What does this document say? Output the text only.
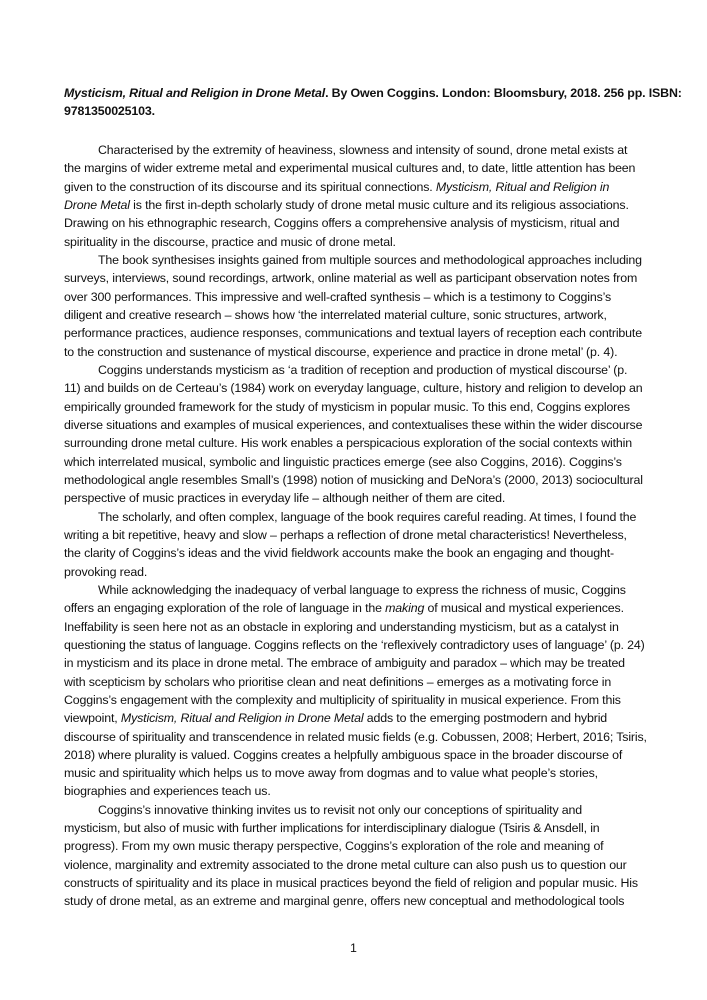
Mysticism, Ritual and Religion in Drone Metal. By Owen Coggins. London: Bloomsbury, 2018. 256 pp. ISBN:
9781350025103.
Characterised by the extremity of heaviness, slowness and intensity of sound, drone metal exists at
the margins of wider extreme metal and experimental musical cultures and, to date, little attention has been
given to the construction of its discourse and its spiritual connections. Mysticism, Ritual and Religion in
Drone Metal is the first in-depth scholarly study of drone metal music culture and its religious associations.
Drawing on his ethnographic research, Coggins offers a comprehensive analysis of mysticism, ritual and
spirituality in the discourse, practice and music of drone metal.
The book synthesises insights gained from multiple sources and methodological approaches including
surveys, interviews, sound recordings, artwork, online material as well as participant observation notes from
over 300 performances. This impressive and well-crafted synthesis – which is a testimony to Coggins’s
diligent and creative research – shows how ‘the interrelated material culture, sonic structures, artwork,
performance practices, audience responses, communications and textual layers of reception each contribute
to the construction and sustenance of mystical discourse, experience and practice in drone metal’ (p. 4).
Coggins understands mysticism as ‘a tradition of reception and production of mystical discourse’ (p.
11) and builds on de Certeau’s (1984) work on everyday language, culture, history and religion to develop an
empirically grounded framework for the study of mysticism in popular music. To this end, Coggins explores
diverse situations and examples of musical experiences, and contextualises these within the wider discourse
surrounding drone metal culture. His work enables a perspicacious exploration of the social contexts within
which interrelated musical, symbolic and linguistic practices emerge (see also Coggins, 2016). Coggins’s
methodological angle resembles Small’s (1998) notion of musicking and DeNora’s (2000, 2013) sociocultural
perspective of music practices in everyday life – although neither of them are cited.
The scholarly, and often complex, language of the book requires careful reading. At times, I found the
writing a bit repetitive, heavy and slow – perhaps a reflection of drone metal characteristics! Nevertheless,
the clarity of Coggins’s ideas and the vivid fieldwork accounts make the book an engaging and thought-
provoking read.
While acknowledging the inadequacy of verbal language to express the richness of music, Coggins
offers an engaging exploration of the role of language in the making of musical and mystical experiences.
Ineffability is seen here not as an obstacle in exploring and understanding mysticism, but as a catalyst in
questioning the status of language. Coggins reflects on the ‘reflexively contradictory uses of language’ (p. 24)
in mysticism and its place in drone metal. The embrace of ambiguity and paradox – which may be treated
with scepticism by scholars who prioritise clean and neat definitions – emerges as a motivating force in
Coggins’s engagement with the complexity and multiplicity of spirituality in musical experience. From this
viewpoint, Mysticism, Ritual and Religion in Drone Metal adds to the emerging postmodern and hybrid
discourse of spirituality and transcendence in related music fields (e.g. Cobussen, 2008; Herbert, 2016; Tsiris,
2018) where plurality is valued. Coggins creates a helpfully ambiguous space in the broader discourse of
music and spirituality which helps us to move away from dogmas and to value what people’s stories,
biographies and experiences teach us.
Coggins’s innovative thinking invites us to revisit not only our conceptions of spirituality and
mysticism, but also of music with further implications for interdisciplinary dialogue (Tsiris & Ansdell, in
progress). From my own music therapy perspective, Coggins’s exploration of the role and meaning of
violence, marginality and extremity associated to the drone metal culture can also push us to question our
constructs of spirituality and its place in musical practices beyond the field of religion and popular music. His
study of drone metal, as an extreme and marginal genre, offers new conceptual and methodological tools
1
